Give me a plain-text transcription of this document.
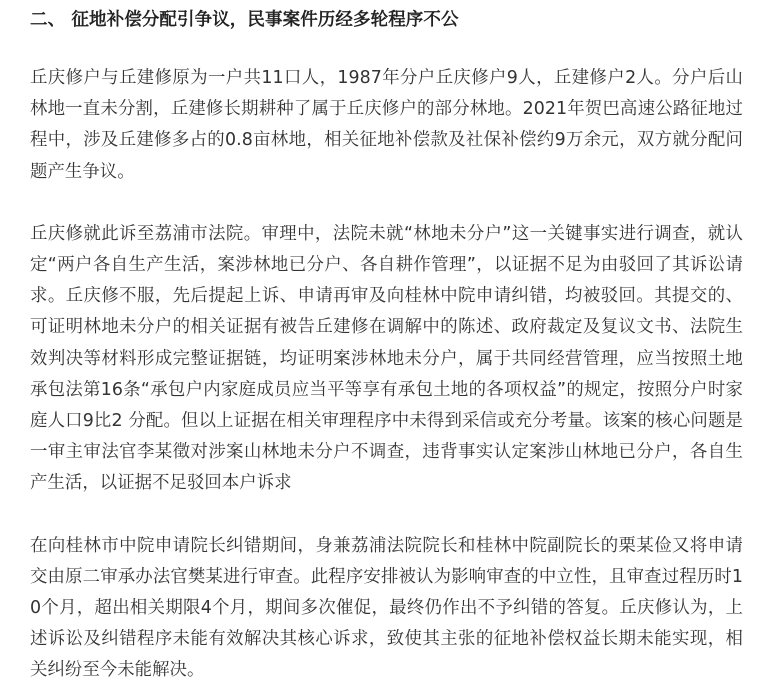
二、 征地补偿分配引争议，民事案件历经多轮程序不公

丘庆修户与丘建修原为一户共11口人，1987年分户丘庆修户9人，丘建修户2人。分户后山林地一直未分割，丘建修长期耕种了属于丘庆修户的部分林地。2021年贺巴高速公路征地过程中，涉及丘建修多占的0.8亩林地，相关征地补偿款及社保补偿约9万余元，双方就分配问题产生争议。

丘庆修就此诉至荔浦市法院。审理中，法院未就“林地未分户”这一关键事实进行调查，就认定“两户各自生产生活，案涉林地已分户、各自耕作管理”，以证据不足为由驳回了其诉讼请求。丘庆修不服，先后提起上诉、申请再审及向桂林中院申请纠错，均被驳回。其提交的、可证明林地未分户的相关证据有被告丘建修在调解中的陈述、政府裁定及复议文书、法院生效判决等材料形成完整证据链，均证明案涉林地未分户，属于共同经营管理，应当按照土地承包法第16条“承包户内家庭成员应当平等享有承包土地的各项权益”的规定，按照分户时家庭人口9比2 分配。但以上证据在相关审理程序中未得到采信或充分考量。该案的核心问题是一审主审法官李某徵对涉案山林地未分户不调查，违背事实认定案涉山林地已分户，各自生产生活，以证据不足驳回本户诉求

在向桂林市中院申请院长纠错期间，身兼荔浦法院院长和桂林中院副院长的栗某俭又将申请交由原二审承办法官樊某进行审查。此程序安排被认为影响审查的中立性，且审查过程历时10个月，超出相关期限4个月，期间多次催促，最终仍作出不予纠错的答复。丘庆修认为，上述诉讼及纠错程序未能有效解决其核心诉求，致使其主张的征地补偿权益长期未能实现，相关纠纷至今未能解决。
